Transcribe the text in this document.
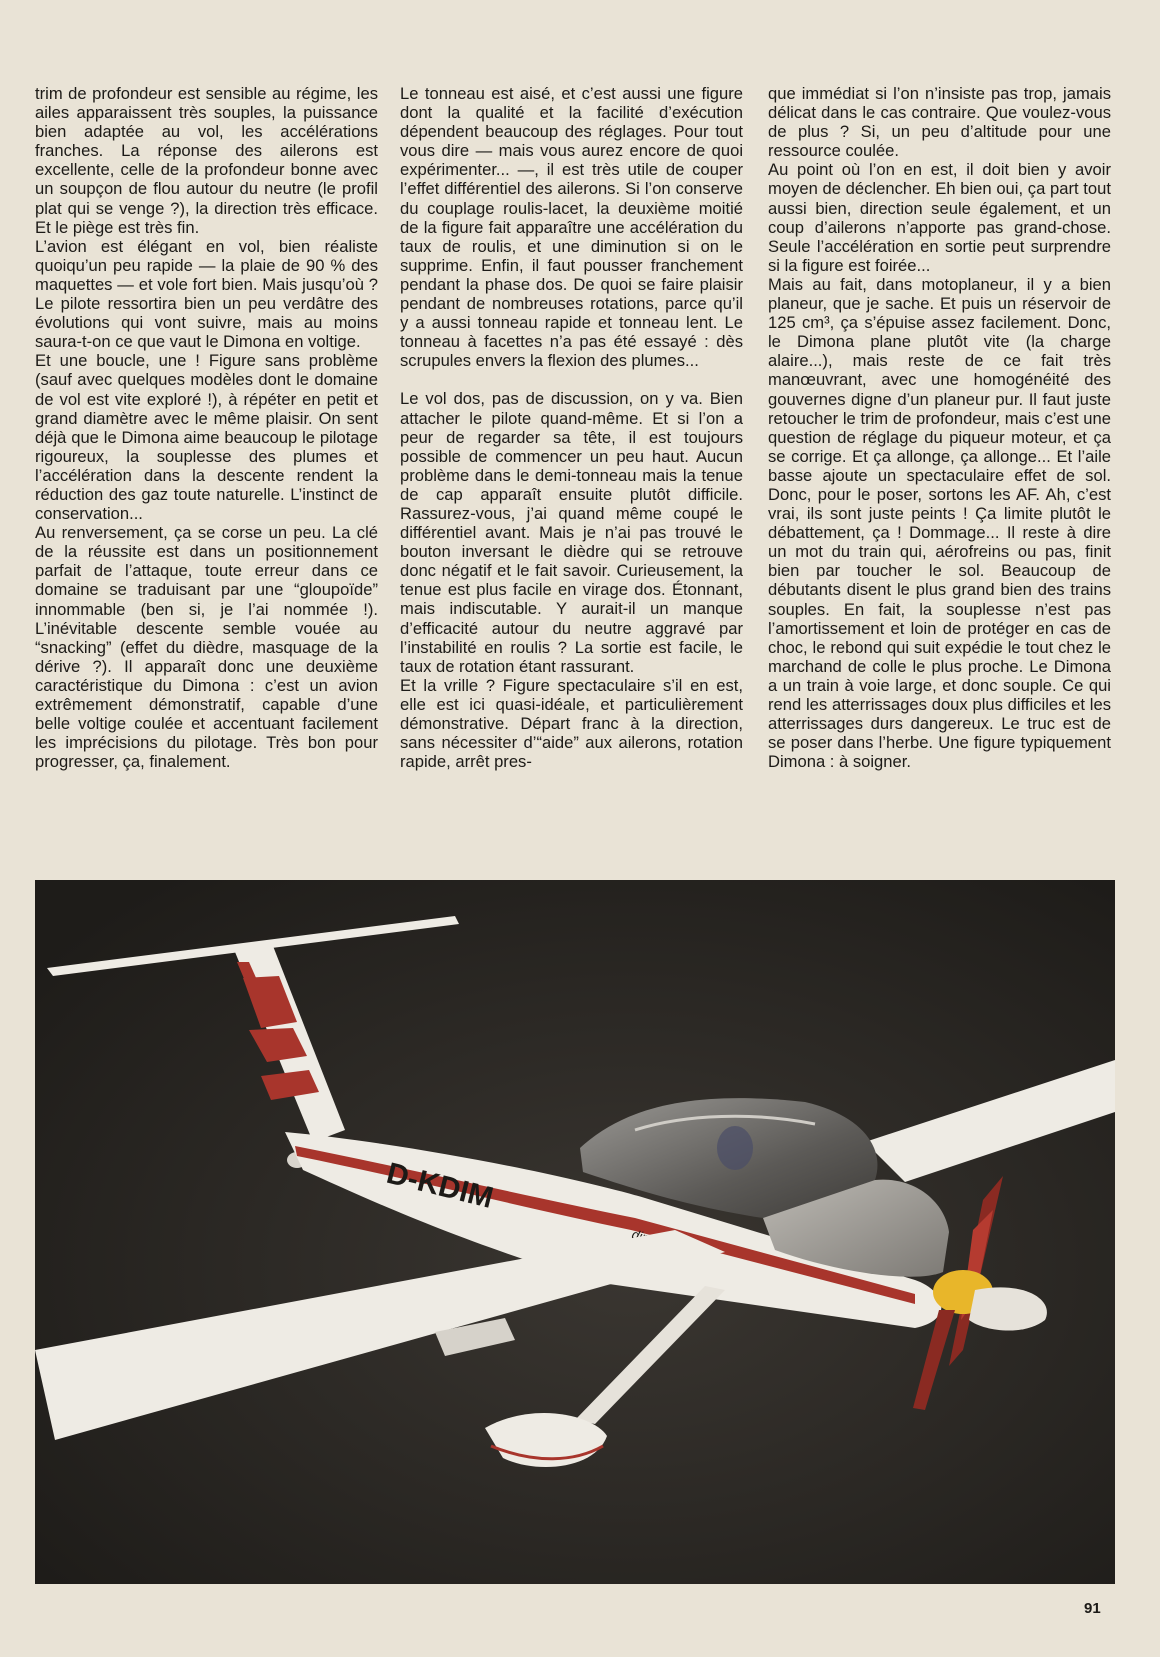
trim de profondeur est sensible au régime, les ailes apparaissent très souples, la puissance bien adaptée au vol, les accélérations franches. La réponse des ailerons est excellente, celle de la profondeur bonne avec un soupçon de flou autour du neutre (le profil plat qui se venge ?), la direction très efficace. Et le piège est très fin.

L’avion est élégant en vol, bien réaliste quoiqu’un peu rapide — la plaie de 90 % des maquettes — et vole fort bien. Mais jusqu’où ? Le pilote ressortira bien un peu verdâtre des évolutions qui vont suivre, mais au moins saura-t-on ce que vaut le Dimona en voltige.

Et une boucle, une ! Figure sans problème (sauf avec quelques modèles dont le domaine de vol est vite exploré !), à répéter en petit et grand diamètre avec le même plaisir. On sent déjà que le Dimona aime beaucoup le pilotage rigoureux, la souplesse des plumes et l’accélération dans la descente rendent la réduction des gaz toute naturelle. L’instinct de conservation...

Au renversement, ça se corse un peu. La clé de la réussite est dans un positionnement parfait de l’attaque, toute erreur dans ce domaine se traduisant par une “gloupoïde” innommable (ben si, je l’ai nommée !). L’inévitable descente semble vouée au “snacking” (effet du dièdre, masquage de la dérive ?). Il apparaît donc une deuxième caractéristique du Dimona : c’est un avion extrêmement démonstratif, capable d’une belle voltige coulée et accentuant facilement les imprécisions du pilotage. Très bon pour progresser, ça, finalement.

Le tonneau est aisé, et c’est aussi une figure dont la qualité et la facilité d’exécution dépendent beaucoup des réglages. Pour tout vous dire — mais vous aurez encore de quoi expérimenter... —, il est très utile de couper l’effet différentiel des ailerons. Si l’on conserve du couplage roulis-lacet, la deuxième moitié de la figure fait apparaître une accélération du taux de roulis, et une diminution si on le supprime. Enfin, il faut pousser franchement pendant la phase dos. De quoi se faire plaisir pendant de nombreuses rotations, parce qu’il y a aussi tonneau rapide et tonneau lent. Le tonneau à facettes n’a pas été essayé : dès scrupules envers la flexion des plumes...

Le vol dos, pas de discussion, on y va. Bien attacher le pilote quand-même. Et si l’on a peur de regarder sa tête, il est toujours possible de commencer un peu haut. Aucun problème dans le demi-tonneau mais la tenue de cap apparaît ensuite plutôt difficile. Rassurez-vous, j’ai quand même coupé le différentiel avant. Mais je n’ai pas trouvé le bouton inversant le dièdre qui se retrouve donc négatif et le fait savoir. Curieusement, la tenue est plus facile en virage dos. Étonnant, mais indiscutable. Y aurait-il un manque d’efficacité autour du neutre aggravé par l’instabilité en roulis ? La sortie est facile, le taux de rotation étant rassurant.

Et la vrille ? Figure spectaculaire s’il en est, elle est ici quasi-idéale, et particulièrement démonstrative. Départ franc à la direction, sans nécessiter d’“aide” aux ailerons, rotation rapide, arrêt pres-

que immédiat si l’on n’insiste pas trop, jamais délicat dans le cas contraire. Que voulez-vous de plus ? Si, un peu d’altitude pour une ressource coulée.

Au point où l’on en est, il doit bien y avoir moyen de déclencher. Eh bien oui, ça part tout aussi bien, direction seule également, et un coup d’ailerons n’apporte pas grand-chose. Seule l’accélération en sortie peut surprendre si la figure est foirée...

Mais au fait, dans motoplaneur, il y a bien planeur, que je sache. Et puis un réservoir de 125 cm³, ça s’épuise assez facilement. Donc, le Dimona plane plutôt vite (la charge alaire...), mais reste de ce fait très manœuvrant, avec une homogénéité des gouvernes digne d’un planeur pur. Il faut juste retoucher le trim de profondeur, mais c’est une question de réglage du piqueur moteur, et ça se corrige. Et ça allonge, ça allonge... Et l’aile basse ajoute un spectaculaire effet de sol. Donc, pour le poser, sortons les AF. Ah, c’est vrai, ils sont juste peints ! Ça limite plutôt le débattement, ça ! Dommage... Il reste à dire un mot du train qui, aérofreins ou pas, finit bien par toucher le sol. Beaucoup de débutants disent le plus grand bien des trains souples. En fait, la souplesse n’est pas l’amortissement et loin de protéger en cas de choc, le rebond qui suit expédie le tout chez le marchand de colle le plus proche. Le Dimona a un train à voie large, et donc souple. Ce qui rend les atterrissages doux plus difficiles et les atterrissages durs dangereux. Le truc est de se poser dans l’herbe. Une figure typiquement Dimona : à soigner.

D-KDIM
91
